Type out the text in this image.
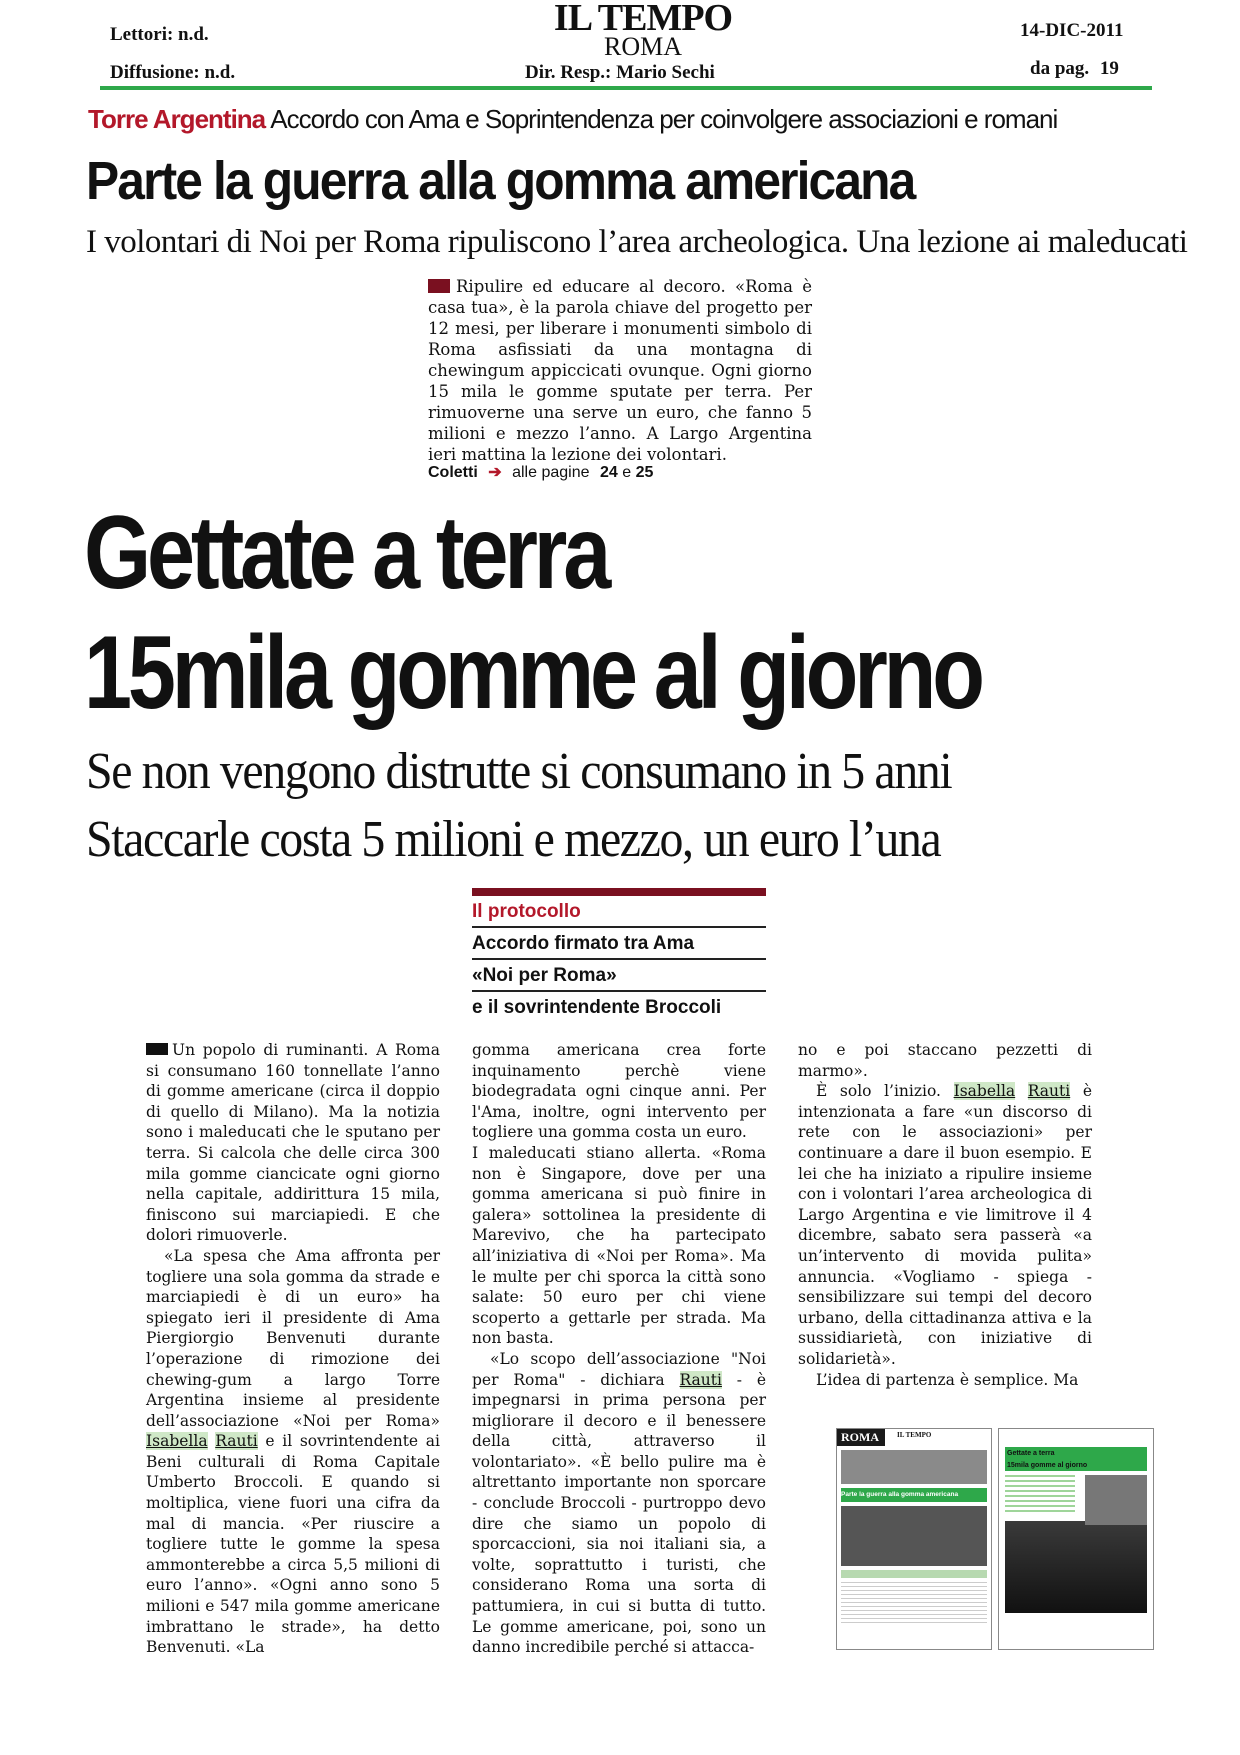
Lettori: n.d.
Diffusione: n.d.
IL TEMPO
ROMA
Dir. Resp.: Mario Sechi
14-DIC-2011
da pag. 19
Torre Argentina Accordo con Ama e Soprintendenza per coinvolgere associazioni e romani
Parte la guerra alla gomma americana
I volontari di Noi per Roma ripuliscono l’area archeologica. Una lezione ai maleducati
Ripulire ed educare al decoro. «Roma è casa tua», è la parola chiave del progetto per 12 mesi, per liberare i monumenti simbolo di Roma asfissiati da una montagna di chewingum appiccicati ovunque. Ogni giorno 15 mila le gomme sputate per terra. Per rimuoverne una serve un euro, che fanno 5 milioni e mezzo l’anno. A Largo Argentina ieri mattina la lezione dei volontari.
Coletti ➔ alle pagine 24 e 25
Gettate a terra
15mila gomme al giorno
Se non vengono distrutte si consumano in 5 anni
Staccarle costa 5 milioni e mezzo, un euro l’una
Il protocollo
Accordo firmato tra Ama
«Noi per Roma»
e il sovrintendente Broccoli

Un popolo di ruminanti. A Roma si consumano 160 tonnellate l’anno di gomme americane (circa il doppio di quello di Milano). Ma la notizia sono i maleducati che le sputano per terra. Si calcola che delle circa 300 mila gomme ciancicate ogni giorno nella capitale, addirittura 15 mila, finiscono sui marciapiedi. E che dolori rimuoverle.

«La spesa che Ama affronta per togliere una sola gomma da strade e marciapiedi è di un euro» ha spiegato ieri il presidente di Ama Piergiorgio Benvenuti durante l’operazione di rimozione dei chewing-gum a largo Torre Argentina insieme al presidente dell’associazione «Noi per Roma» Isabella Rauti e il sovrintendente ai Beni culturali di Roma Capitale Umberto Broccoli. E quando si moltiplica, viene fuori una cifra da mal di mancia. «Per riuscire a togliere tutte le gomme la spesa ammonterebbe a circa 5,5 milioni di euro l’anno». «Ogni anno sono 5 milioni e 547 mila gomme americane imbrattano le strade», ha detto Benvenuti. «La

gomma americana crea forte inquinamento perchè viene biodegradata ogni cinque anni. Per l'Ama, inoltre, ogni intervento per togliere una gomma costa un euro.

I maleducati stiano allerta. «Roma non è Singapore, dove per una gomma americana si può finire in galera» sottolinea la presidente di Marevivo, che ha partecipato all’iniziativa di «Noi per Roma». Ma le multe per chi sporca la città sono salate: 50 euro per chi viene scoperto a gettarle per strada. Ma non basta.

«Lo scopo dell’associazione "Noi per Roma" - dichiara Rauti - è impegnarsi in prima persona per migliorare il decoro e il benessere della città, attraverso il volontariato». «È bello pulire ma è altrettanto importante non sporcare - conclude Broccoli - purtroppo devo dire che siamo un popolo di sporcaccioni, sia noi italiani sia, a volte, soprattutto i turisti, che considerano Roma una sorta di pattumiera, in cui si butta di tutto. Le gomme americane, poi, sono un danno incredibile perché si attacca-

no e poi staccano pezzetti di marmo».

È solo l’inizio. Isabella Rauti è intenzionata a fare «un discorso di rete con le associazioni» per continuare a dare il buon esempio. E lei che ha iniziato a ripulire insieme con i volontari l’area archeologica di Largo Argentina e vie limitrove il 4 dicembre, sabato sera passerà «a un’intervento di movida pulita» annuncia. «Vogliamo - spiega - sensibilizzare sui tempi del decoro urbano, della cittadinanza attiva e la sussidiarietà, con iniziative di solidarietà».

L’idea di partenza è semplice. Ma

ROMA	IL TEMPO
Parte la guerra alla gomma americana
Gettate a terra
15mila gomme al giorno
